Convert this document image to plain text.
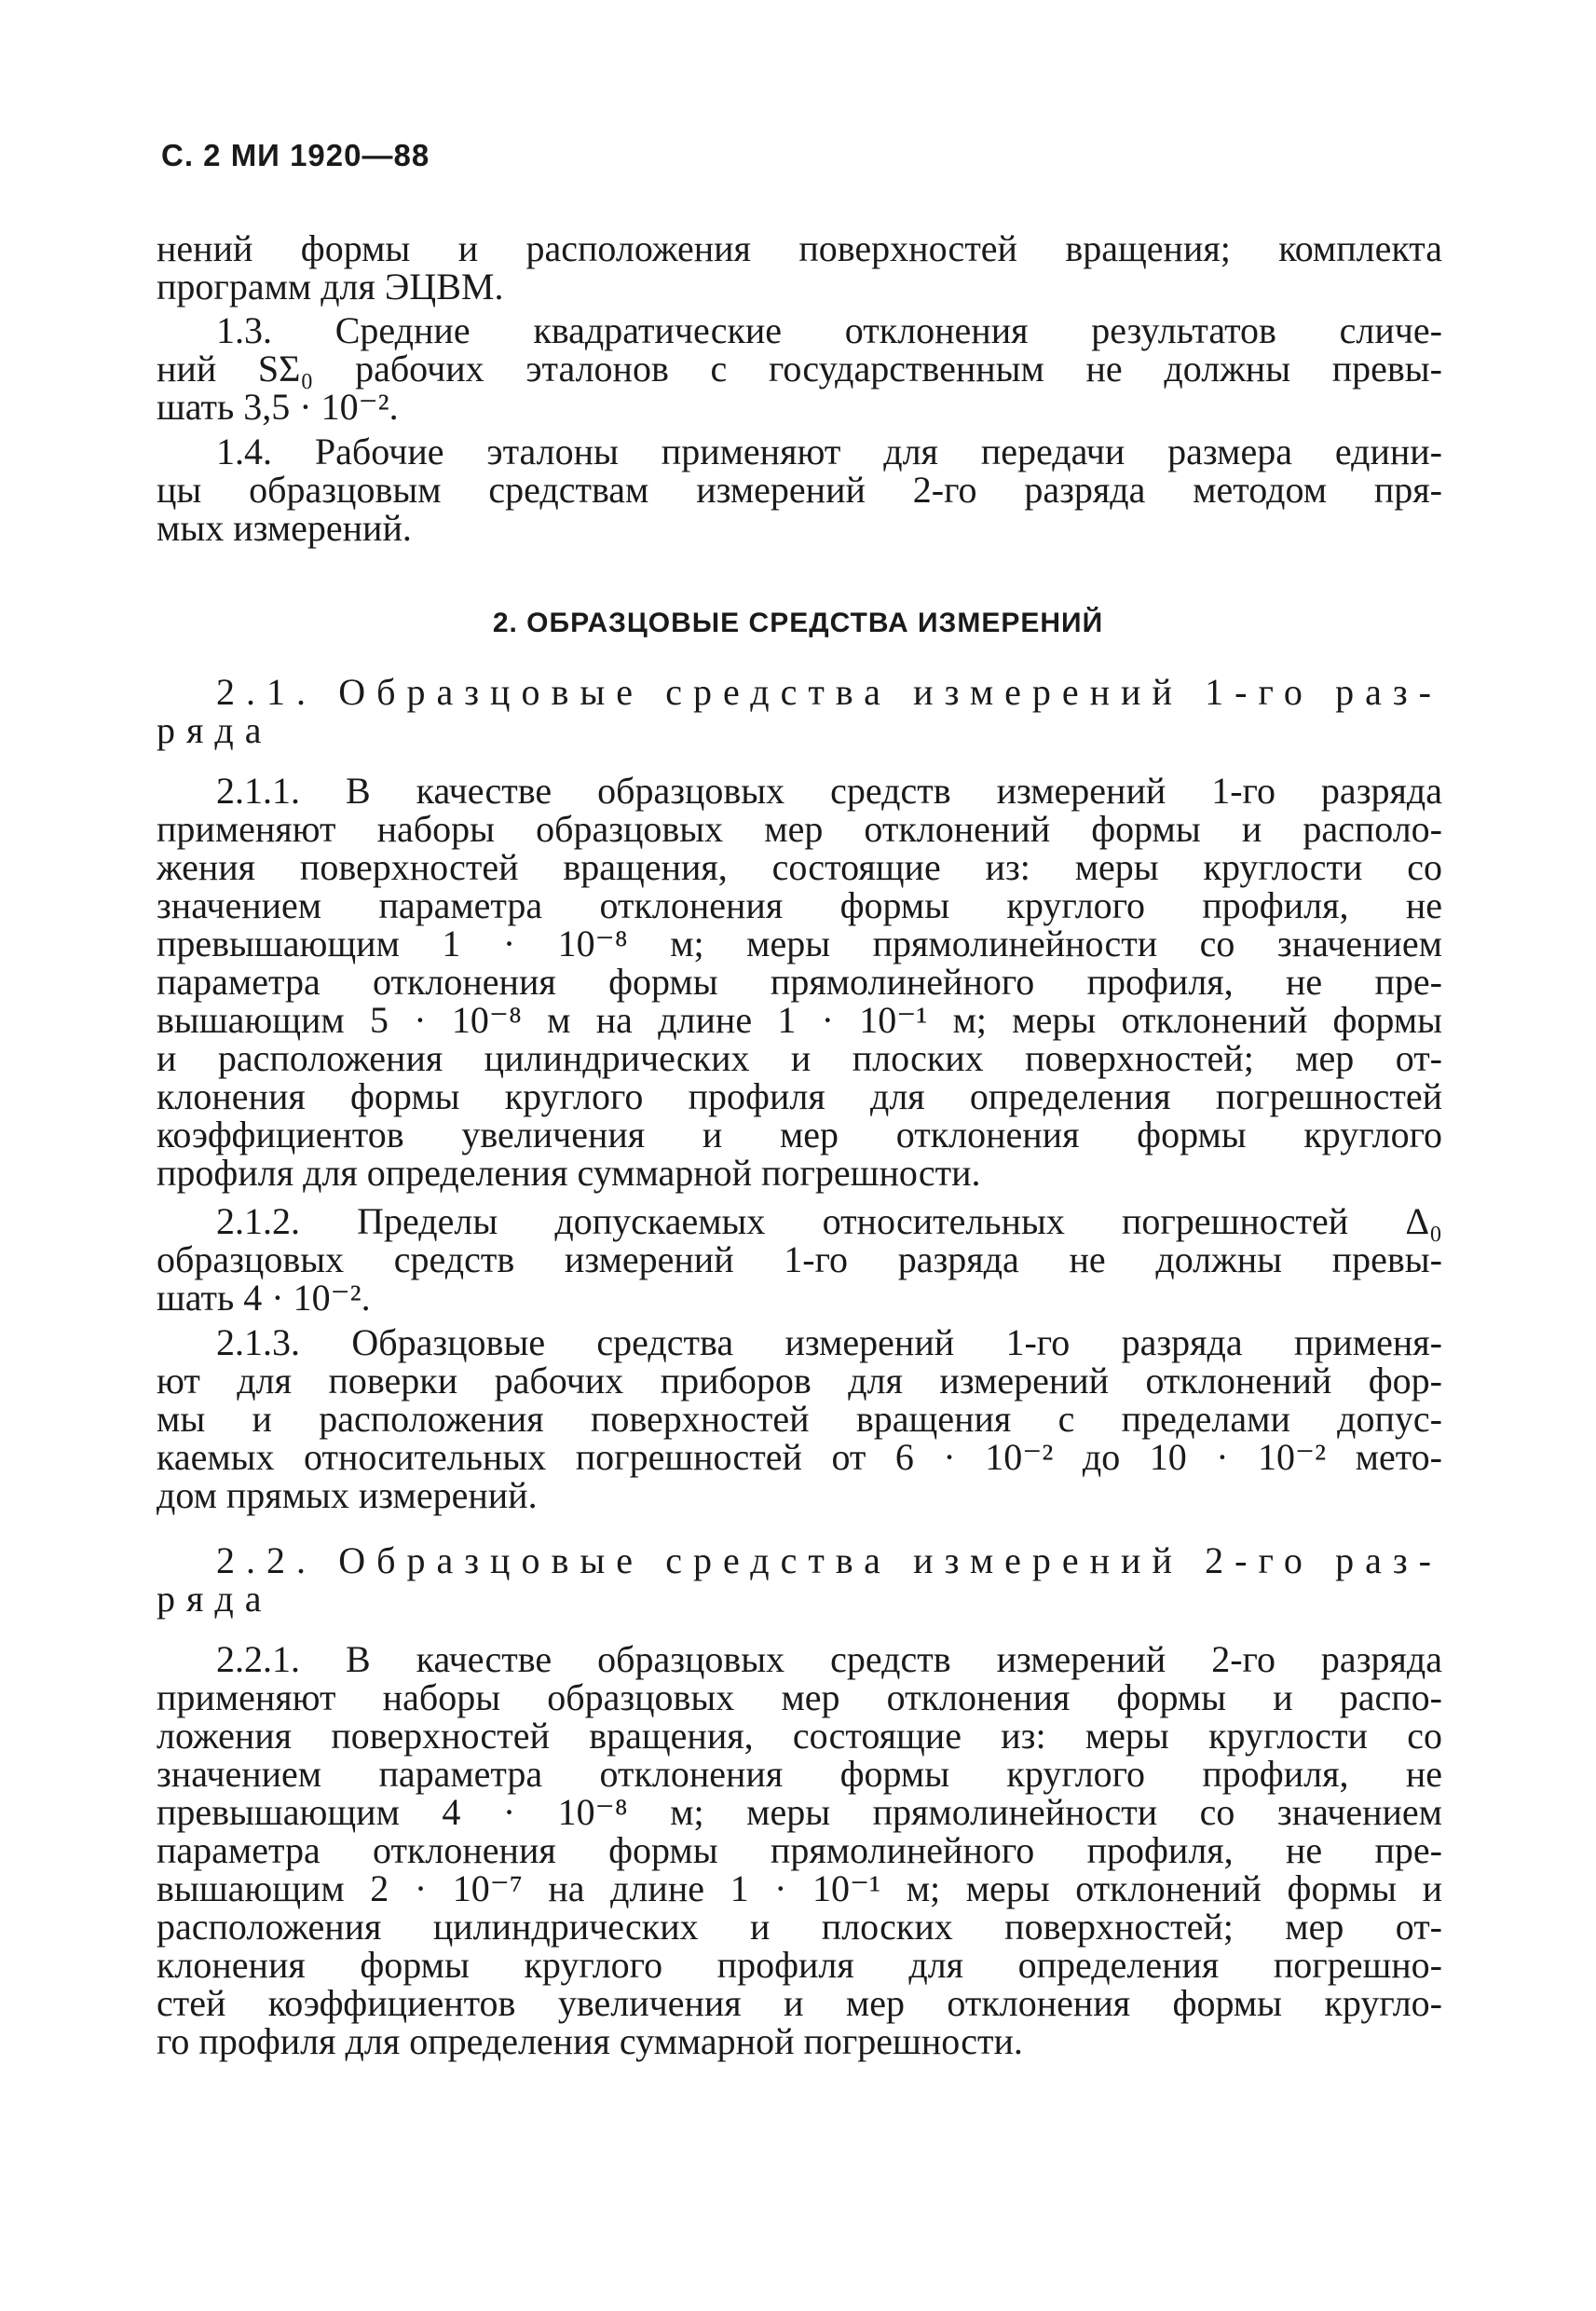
С. 2 МИ 1920—88
нений формы и расположения поверхностей вращения; комплекта
программ для ЭЦВМ.
1.3. Средние квадратические отклонения результатов сличе-
ний SΣ₀ рабочих эталонов с государственным не должны превы-
шать 3,5 · 10⁻².
1.4. Рабочие эталоны применяют для передачи размера едини-
цы образцовым средствам измерений 2-го разряда методом пря-
мых измерений.
2. ОБРАЗЦОВЫЕ СРЕДСТВА ИЗМЕРЕНИЙ
2.1. Образцовые средства измерений 1-го раз-
ряда
2.1.1. В качестве образцовых средств измерений 1-го разряда
применяют наборы образцовых мер отклонений формы и располо-
жения поверхностей вращения, состоящие из: меры круглости со
значением параметра отклонения формы круглого профиля, не
превышающим 1 · 10⁻⁸ м; меры прямолинейности со значением
параметра отклонения формы прямолинейного профиля, не пре-
вышающим 5 · 10⁻⁸ м на длине 1 · 10⁻¹ м; меры отклонений формы
и расположения цилиндрических и плоских поверхностей; мер от-
клонения формы круглого профиля для определения погрешностей
коэффициентов увеличения и мер отклонения формы круглого
профиля для определения суммарной погрешности.
2.1.2. Пределы допускаемых относительных погрешностей Δ₀
образцовых средств измерений 1-го разряда не должны превы-
шать 4 · 10⁻².
2.1.3. Образцовые средства измерений 1-го разряда применя-
ют для поверки рабочих приборов для измерений отклонений фор-
мы и расположения поверхностей вращения с пределами допус-
каемых относительных погрешностей от 6 · 10⁻² до 10 · 10⁻² мето-
дом прямых измерений.
2.2. Образцовые средства измерений 2-го раз-
ряда
2.2.1. В качестве образцовых средств измерений 2-го разряда
применяют наборы образцовых мер отклонения формы и распо-
ложения поверхностей вращения, состоящие из: меры круглости со
значением параметра отклонения формы круглого профиля, не
превышающим 4 · 10⁻⁸ м; меры прямолинейности со значением
параметра отклонения формы прямолинейного профиля, не пре-
вышающим 2 · 10⁻⁷ на длине 1 · 10⁻¹ м; меры отклонений формы и
расположения цилиндрических и плоских поверхностей; мер от-
клонения формы круглого профиля для определения погрешно-
стей коэффициентов увеличения и мер отклонения формы кругло-
го профиля для определения суммарной погрешности.
